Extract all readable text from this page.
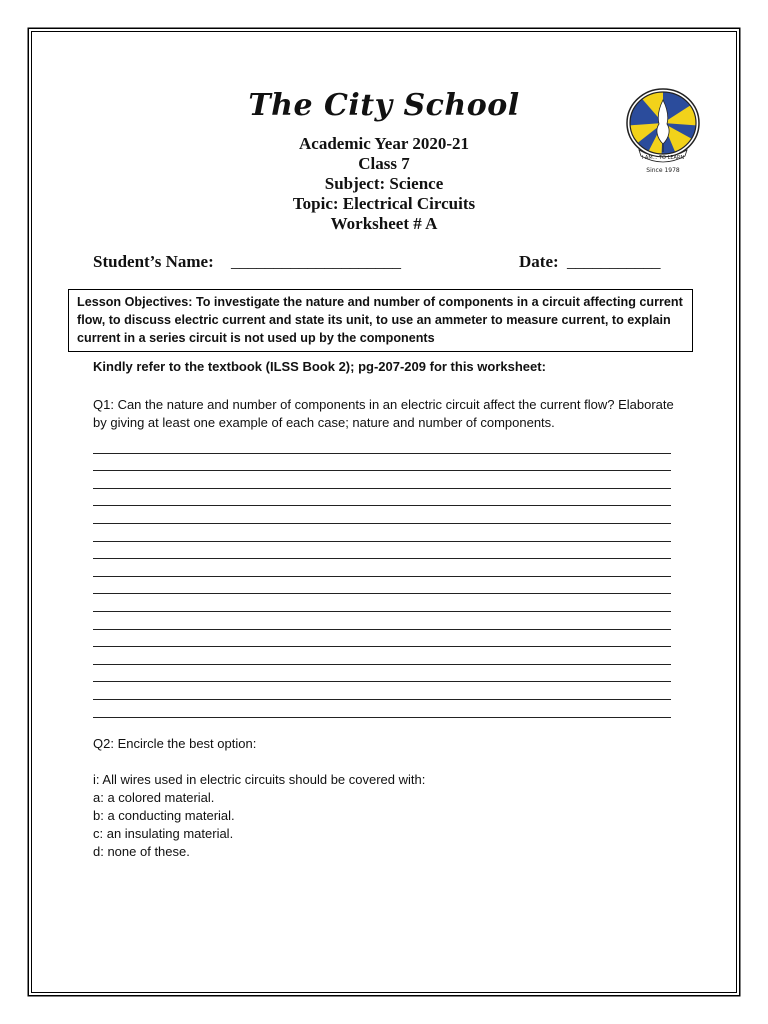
The City School
Academic Year 2020-21
Class 7
Subject: Science
Topic: Electrical Circuits
Worksheet # A
I AM... TO LEARN
Since 1978
Student’s Name: ____________________	Date: ___________
Lesson Objectives: To investigate the nature and number of components in a circuit affecting current flow, to discuss electric current and state its unit, to use an ammeter to measure current, to explain current in a series circuit is not used up by the components
Kindly refer to the textbook (ILSS Book 2); pg-207-209 for this worksheet:
Q1: Can the nature and number of components in an electric circuit affect the current flow? Elaborate by giving at least one example of each case; nature and number of components.
Q2: Encircle the best option:
i: All wires used in electric circuits should be covered with:
a: a colored material.
b: a conducting material.
c: an insulating material.
d: none of these.
